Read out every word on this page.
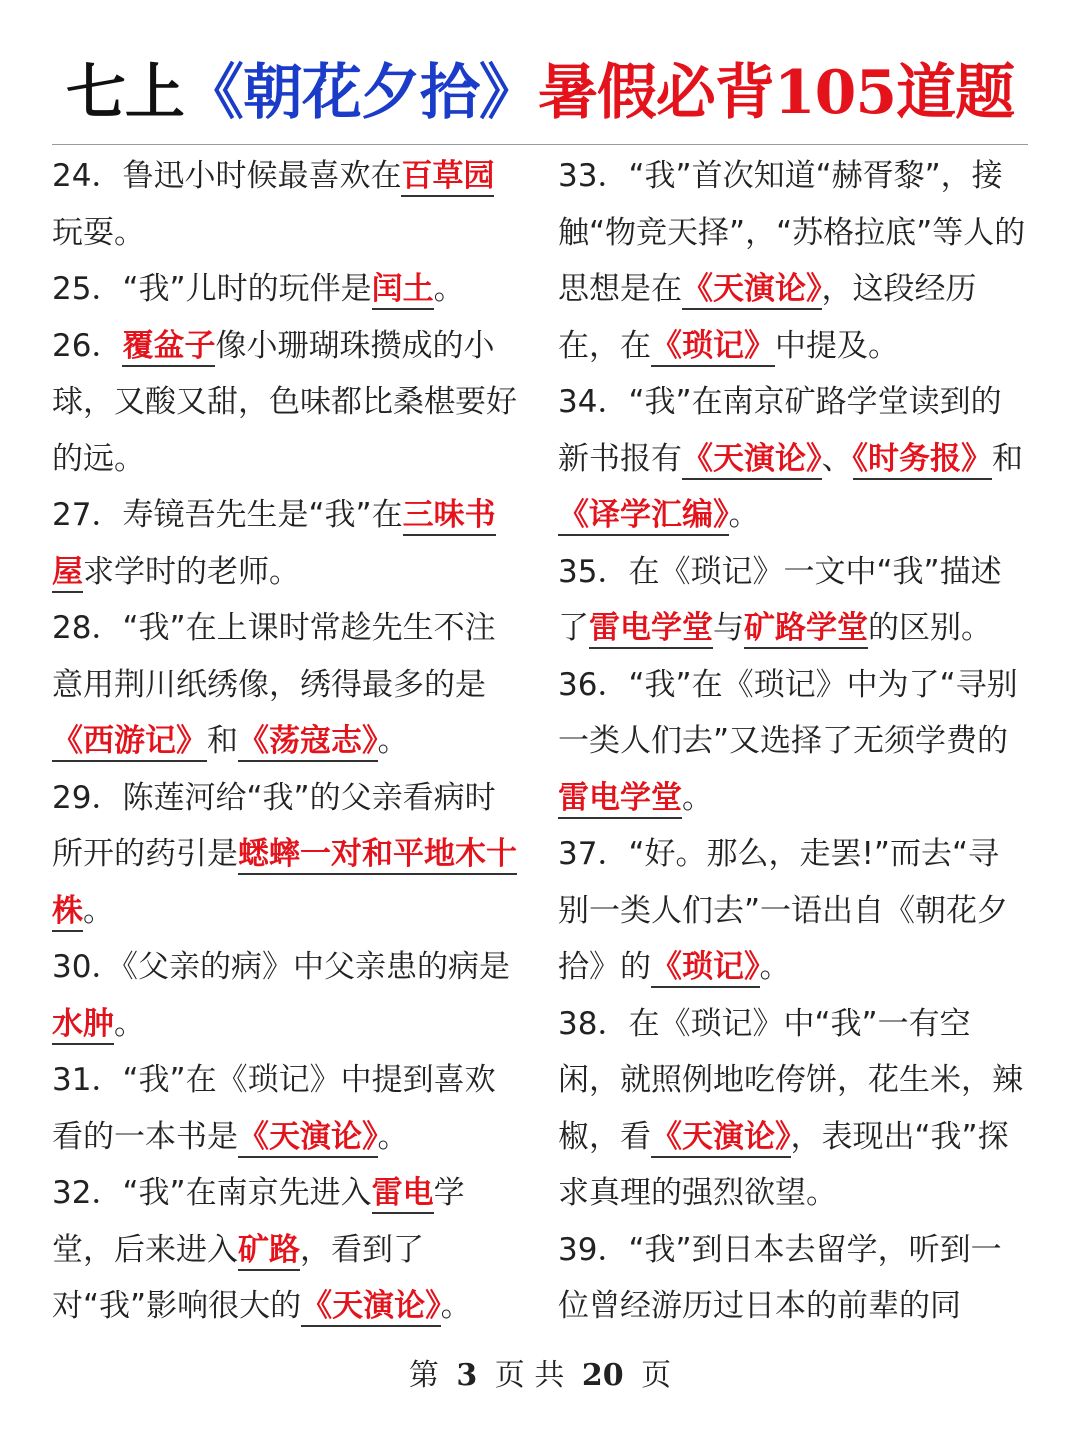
七上《朝花夕拾》暑假必背105道题

24．鲁迅小时候最喜欢在百草园玩耍。

25．“我”儿时的玩伴是闰土。

26．覆盆子像小珊瑚珠攒成的小球，又酸又甜，色味都比桑椹要好的远。

27．寿镜吾先生是“我”在三味书屋求学时的老师。

28．“我”在上课时常趁先生不注意用荆川纸绣像，绣得最多的是《西游记》和《荡寇志》。

29．陈莲河给“我”的父亲看病时所开的药引是蟋蟀一对和平地木十株。

30．《父亲的病》中父亲患的病是水肿。

31．“我”在《琐记》中提到喜欢看的一本书是《天演论》。

32．“我”在南京先进入雷电学堂，后来进入矿路，看到了对“我”影响很大的《天演论》。

33．“我”首次知道“赫胥黎”，接触“物竞天择”，“苏格拉底”等人的思想是在《天演论》，这段经历在，在《琐记》中提及。

34．“我”在南京矿路学堂读到的新书报有《天演论》、《时务报》和《译学汇编》。

35．在《琐记》一文中“我”描述了雷电学堂与矿路学堂的区别。

36．“我”在《琐记》中为了“寻别一类人们去”又选择了无须学费的雷电学堂。

37．“好。那么，走罢!”而去“寻别一类人们去”一语出自《朝花夕拾》的《琐记》。

38．在《琐记》中“我”一有空闲，就照例地吃侉饼，花生米，辣椒，看《天演论》，表现出“我”探求真理的强烈欲望。

39．“我”到日本去留学，听到一位曾经游历过日本的前辈的同

第 3 页 共 20 页
